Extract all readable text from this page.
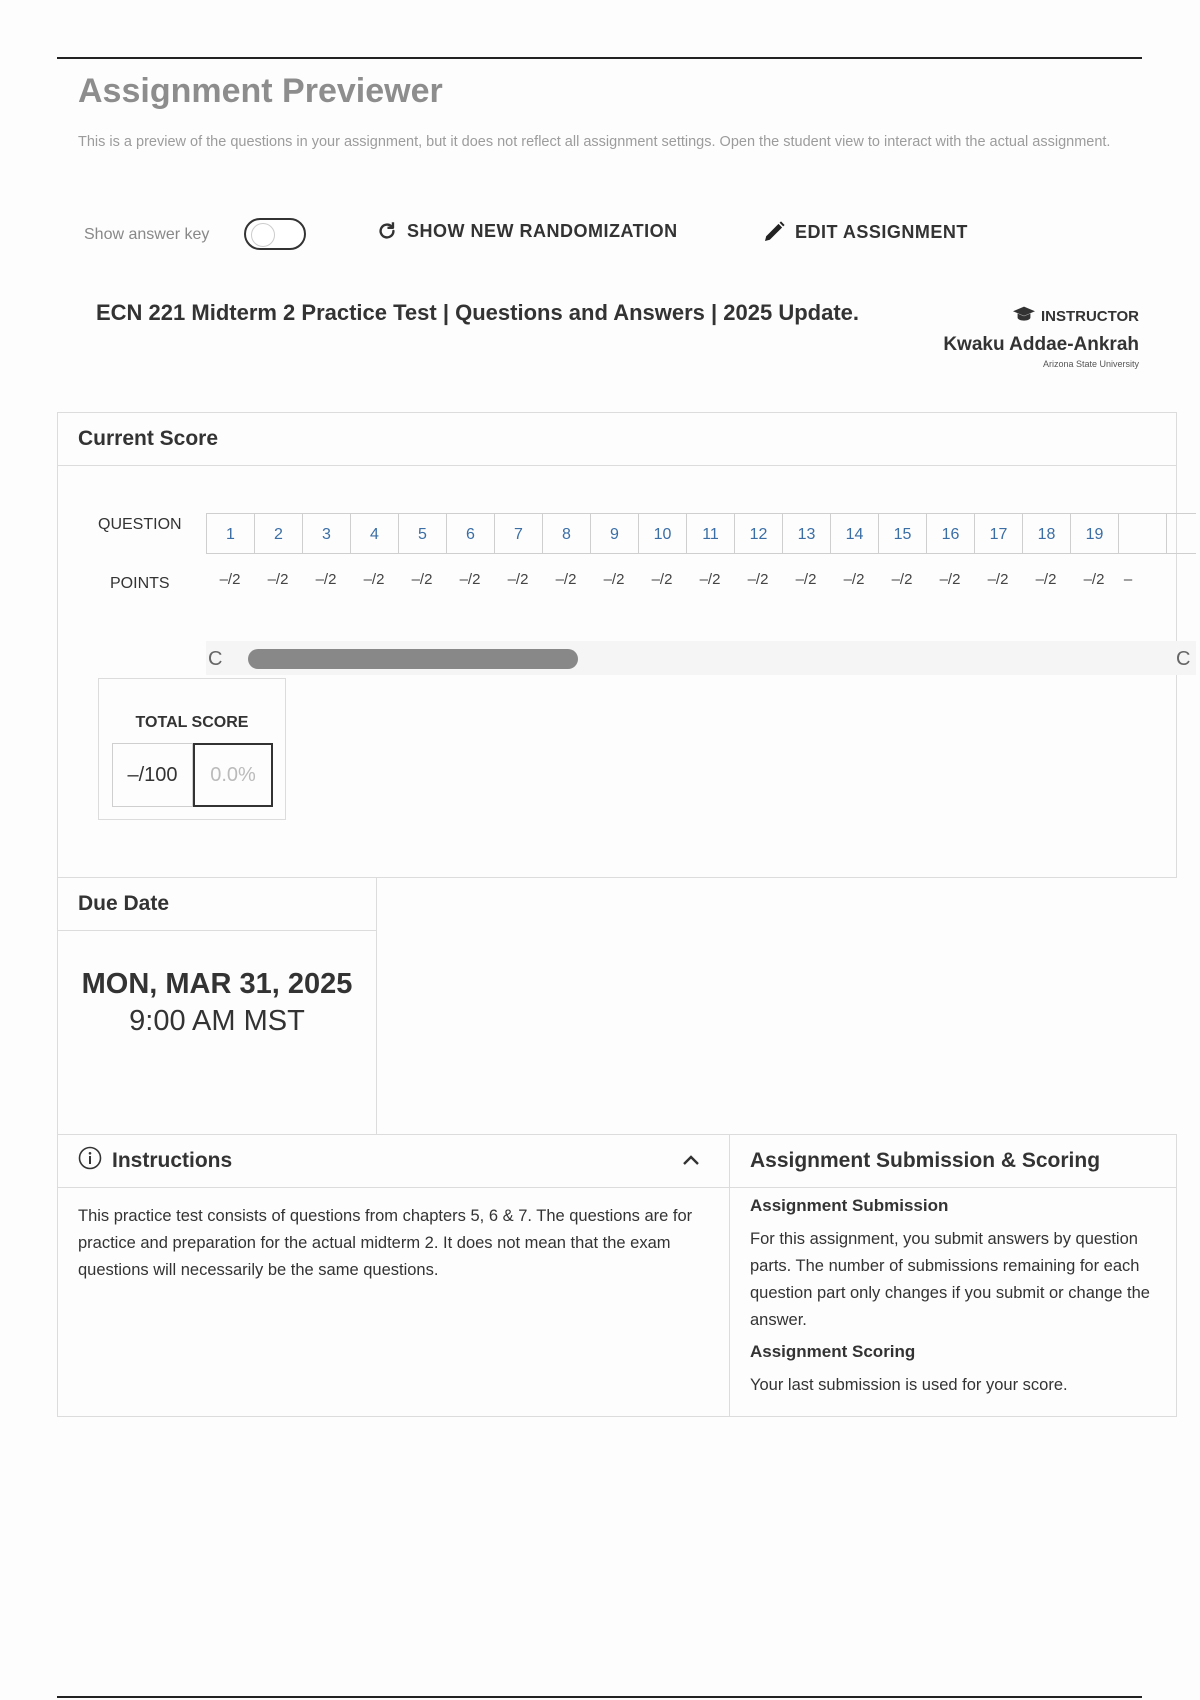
Assignment Previewer

This is a preview of the questions in your assignment, but it does not reflect all assignment settings. Open the student view to interact with the actual assignment.

Show answer key	SHOW NEW RANDOMIZATION	EDIT ASSIGNMENT
ECN 221 Midterm 2 Practice Test | Questions and Answers | 2025 Update.	INSTRUCTOR
Kwaku Addae-Ankrah
Arizona State University
Current Score
QUESTION
POINTS
1	2	3	4	5	6	7	8	9	10	11	12	13	14	15	16	17	18	19
–/2	–/2	–/2	–/2	–/2	–/2	–/2	–/2	–/2	–/2	–/2	–/2	–/2	–/2	–/2	–/2	–/2	–/2	–/2	–
C	C
TOTAL SCORE
–/100	0.0%
Due Date
MON, MAR 31, 2025
9:00 AM MST
Instructions

This practice test consists of questions from chapters 5, 6 & 7. The questions are for practice and preparation for the actual midterm 2. It does not mean that the exam questions will necessarily be the same questions.

Assignment Submission & Scoring
Assignment Submission

For this assignment, you submit answers by question parts. The number of submissions remaining for each question part only changes if you submit or change the answer.

Assignment Scoring

Your last submission is used for your score.
